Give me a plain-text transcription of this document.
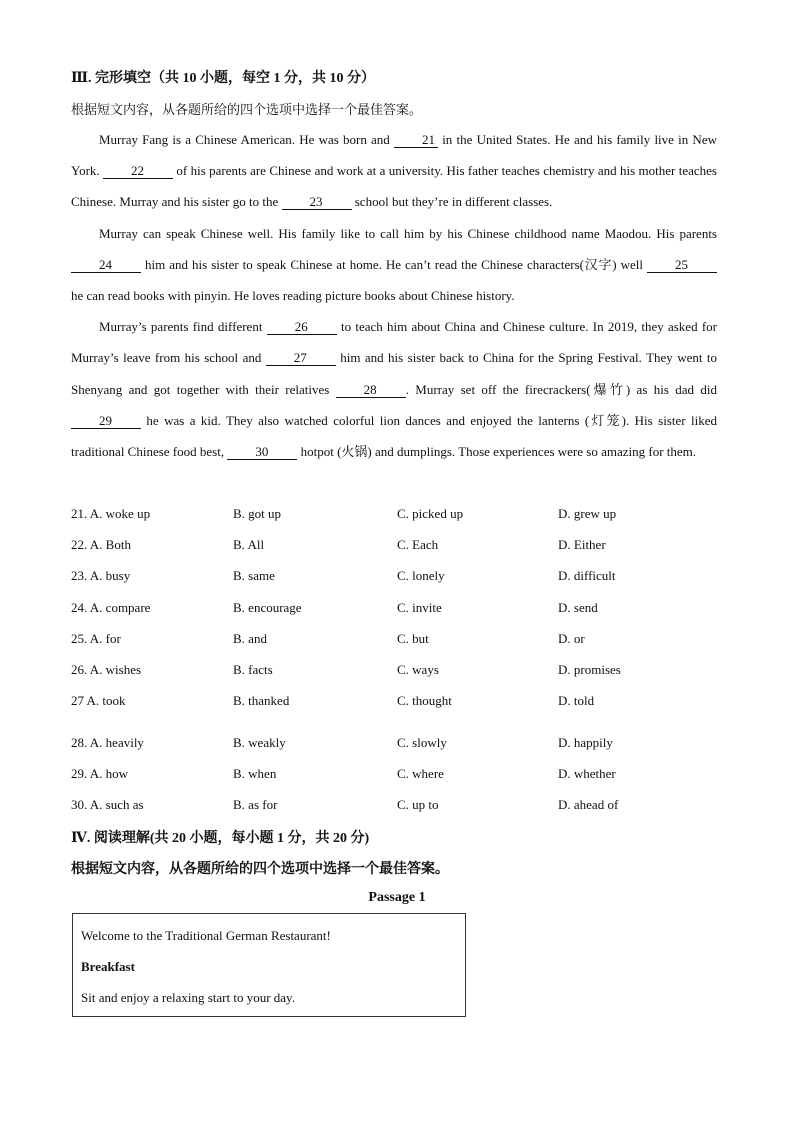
Ⅲ. 完形填空（共 10 小题，每空 1 分，共 10 分）
根据短文内容，从各题所给的四个选项中选择一个最佳答案。

Murray Fang is a Chinese American. He was born and 21 in the United States. He and his family live in New York. 22 of his parents are Chinese and work at a university. His father teaches chemistry and his mother teaches Chinese. Murray and his sister go to the 23 school but they’re in different classes.

Murray can speak Chinese well. His family like to call him by his Chinese childhood name Maodou. His parents 24 him and his sister to speak Chinese at home. He can’t read the Chinese characters(汉字) well 25 he can read books with pinyin. He loves reading picture books about Chinese history.

Murray’s parents find different 26 to teach him about China and Chinese culture. In 2019, they asked for Murray’s leave from his school and 27 him and his sister back to China for the Spring Festival. They went to Shenyang and got together with their relatives 28 . Murray set off the firecrackers(爆竹) as his dad did 29 he was a kid. They also watched colorful lion dances and enjoyed the lanterns (灯笼). His sister liked traditional Chinese food best, 30 hotpot (火锅) and dumplings. Those experiences were so amazing for them.

21. A. woke up	B. got up	C. picked up	D. grew up
22. A. Both	B. All	C. Each	D. Either
23. A. busy	B. same	C. lonely	D. difficult
24. A. compare	B. encourage	C. invite	D. send
25. A. for	B. and	C. but	D. or
26. A. wishes	B. facts	C. ways	D. promises
27 A. took	B. thanked	C. thought	D. told
28. A. heavily	B. weakly	C. slowly	D. happily
29. A. how	B. when	C. where	D. whether
30. A. such as	B. as for	C. up to	D. ahead of
Ⅳ. 阅读理解(共 20 小题，每小题 1 分，共 20 分)
根据短文内容，从各题所给的四个选项中选择一个最佳答案。
Passage 1
Welcome to the Traditional German Restaurant!
Breakfast
Sit and enjoy a relaxing start to your day.
